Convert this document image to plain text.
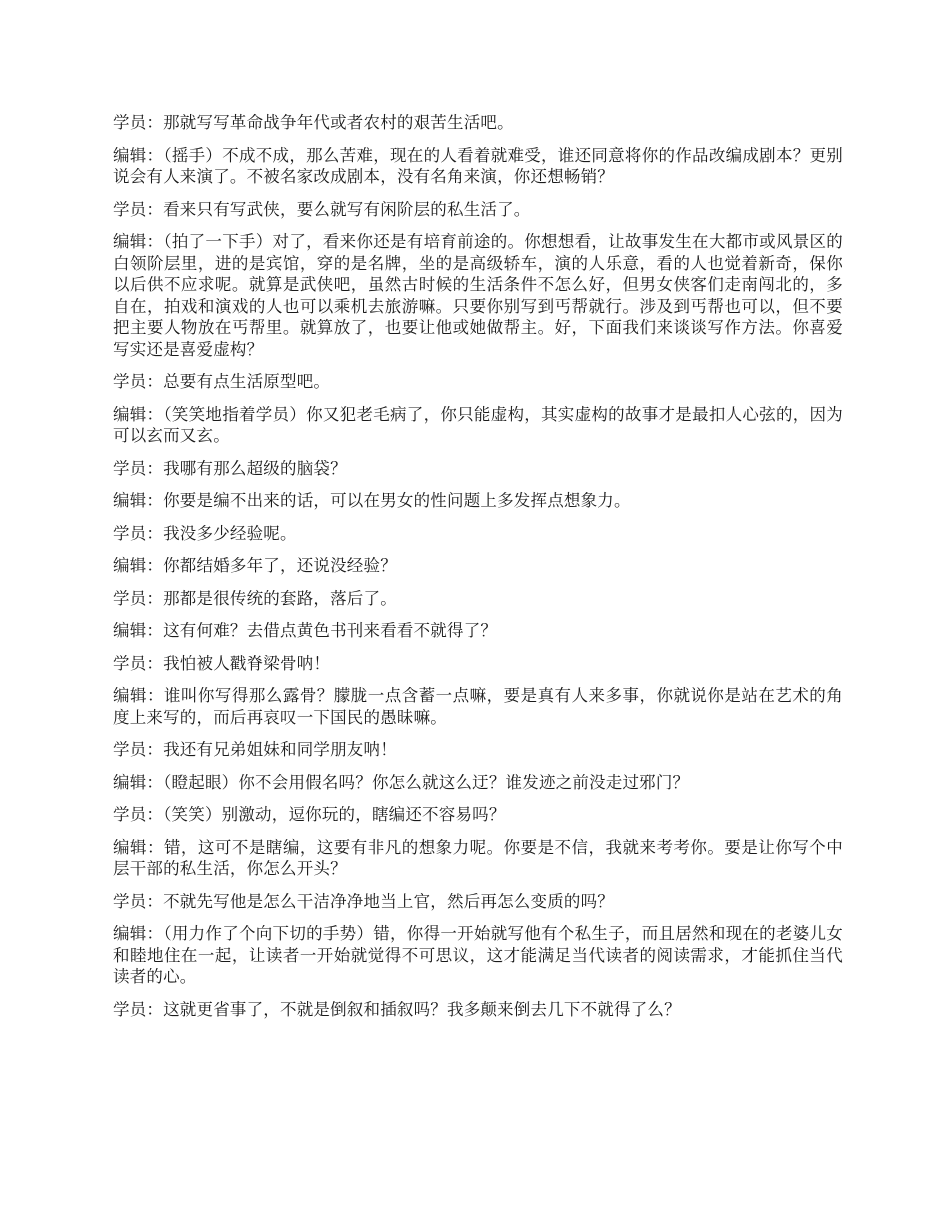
学员：那就写写革命战争年代或者农村的艰苦生活吧。

编辑：（摇手）不成不成，那么苦难，现在的人看着就难受，谁还同意将你的作品改编成剧本？更别说会有人来演了。不被名家改成剧本，没有名角来演，你还想畅销？

学员：看来只有写武侠，要么就写有闲阶层的私生活了。

编辑：（拍了一下手）对了，看来你还是有培育前途的。你想想看，让故事发生在大都市或风景区的白领阶层里，进的是宾馆，穿的是名牌，坐的是高级轿车，演的人乐意，看的人也觉着新奇，保你以后供不应求呢。就算是武侠吧，虽然古时候的生活条件不怎么好，但男女侠客们走南闯北的，多自在，拍戏和演戏的人也可以乘机去旅游嘛。只要你别写到丐帮就行。涉及到丐帮也可以，但不要把主要人物放在丐帮里。就算放了，也要让他或她做帮主。好，下面我们来谈谈写作方法。你喜爱写实还是喜爱虚构？

学员：总要有点生活原型吧。

编辑：（笑笑地指着学员）你又犯老毛病了，你只能虚构，其实虚构的故事才是最扣人心弦的，因为可以玄而又玄。

学员：我哪有那么超级的脑袋？

编辑：你要是编不出来的话，可以在男女的性问题上多发挥点想象力。

学员：我没多少经验呢。

编辑：你都结婚多年了，还说没经验？

学员：那都是很传统的套路，落后了。

编辑：这有何难？去借点黄色书刊来看看不就得了？

学员：我怕被人戳脊梁骨呐！

编辑：谁叫你写得那么露骨？朦胧一点含蓄一点嘛，要是真有人来多事，你就说你是站在艺术的角度上来写的，而后再哀叹一下国民的愚昧嘛。

学员：我还有兄弟姐妹和同学朋友呐！

编辑：（瞪起眼）你不会用假名吗？你怎么就这么迂？谁发迹之前没走过邪门？

学员：（笑笑）别激动，逗你玩的，瞎编还不容易吗？

编辑：错，这可不是瞎编，这要有非凡的想象力呢。你要是不信，我就来考考你。要是让你写个中层干部的私生活，你怎么开头？

学员：不就先写他是怎么干洁净净地当上官，然后再怎么变质的吗？

编辑：（用力作了个向下切的手势）错，你得一开始就写他有个私生子，而且居然和现在的老婆儿女和睦地住在一起，让读者一开始就觉得不可思议，这才能满足当代读者的阅读需求，才能抓住当代读者的心。

学员：这就更省事了，不就是倒叙和插叙吗？我多颠来倒去几下不就得了么？
